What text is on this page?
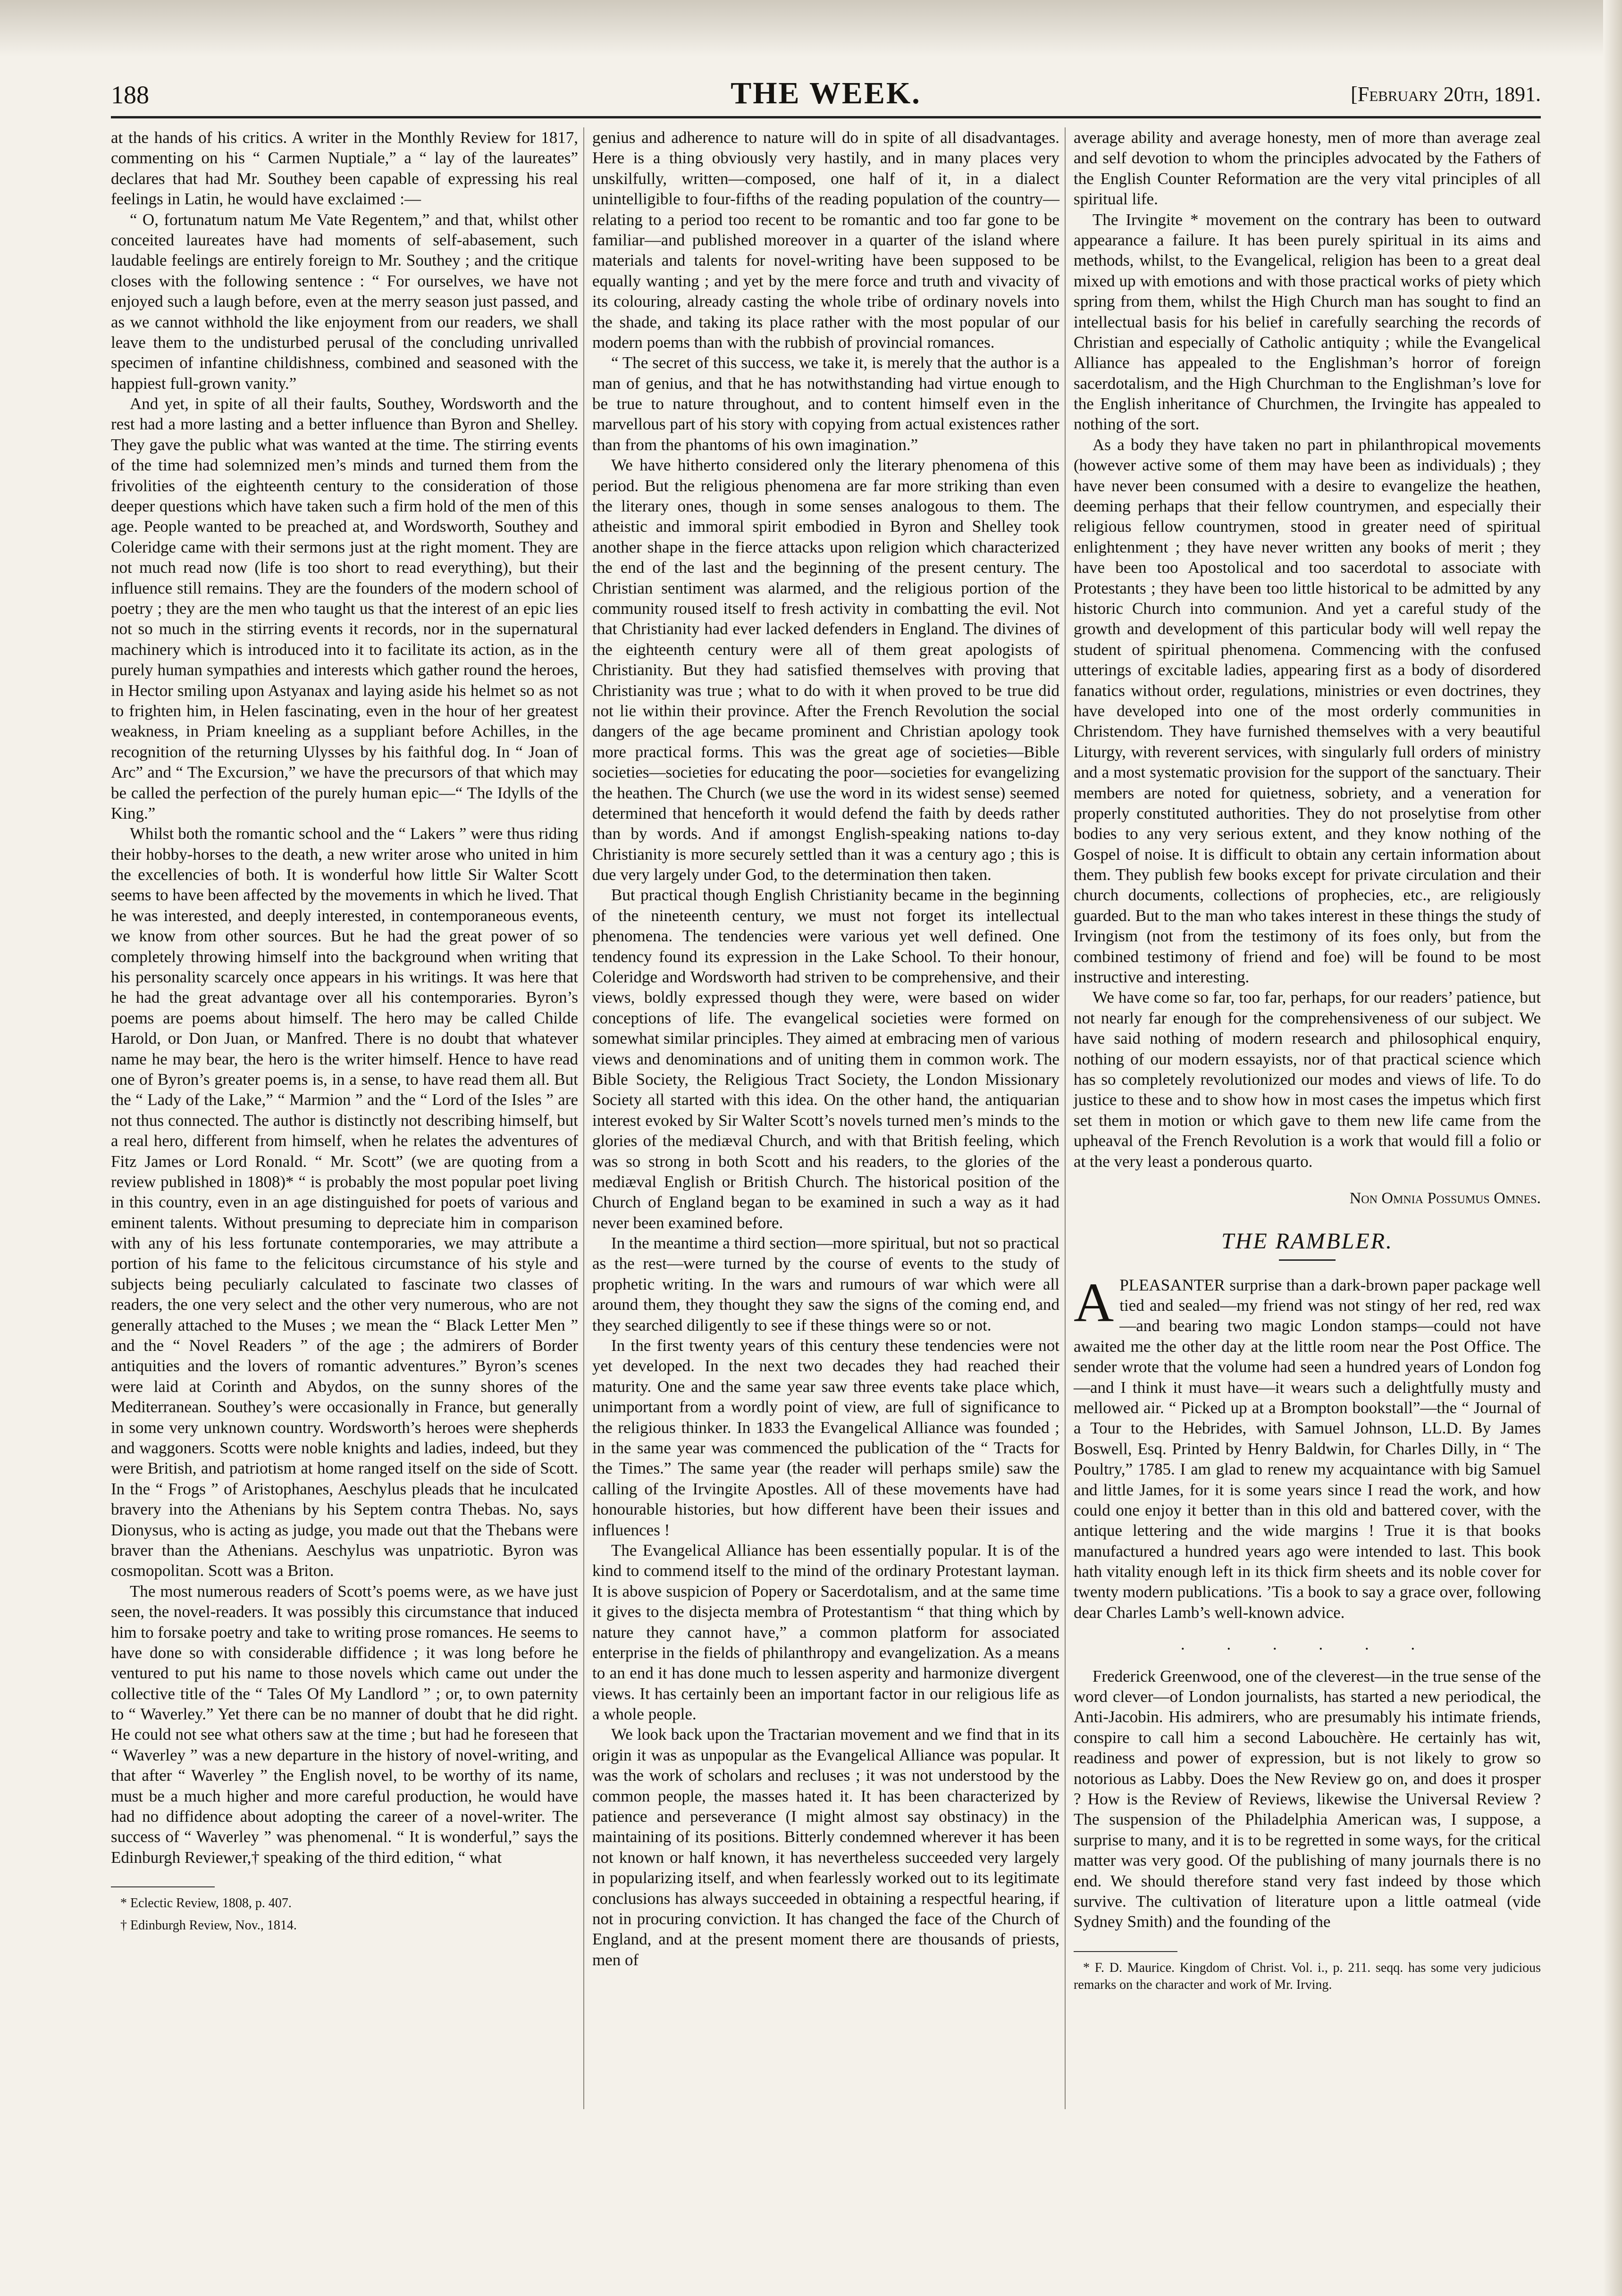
188	THE WEEK.	[February 20th, 1891.

at the hands of his critics. A writer in the Monthly Review for 1817, commenting on his “ Carmen Nuptiale,” a “ lay of the laureates” declares that had Mr. Southey been capable of expressing his real feelings in Latin, he would have exclaimed :—

“ O, fortunatum natum Me Vate Regentem,” and that, whilst other conceited laureates have had moments of self-abasement, such laudable feelings are entirely foreign to Mr. Southey ; and the critique closes with the following sentence : “ For ourselves, we have not enjoyed such a laugh before, even at the merry season just passed, and as we cannot withhold the like enjoyment from our readers, we shall leave them to the undisturbed perusal of the concluding unrivalled specimen of infantine childishness, combined and seasoned with the happiest full-grown vanity.”

And yet, in spite of all their faults, Southey, Wordsworth and the rest had a more lasting and a better influence than Byron and Shelley. They gave the public what was wanted at the time. The stirring events of the time had solemnized men’s minds and turned them from the frivolities of the eighteenth century to the consideration of those deeper questions which have taken such a firm hold of the men of this age. People wanted to be preached at, and Wordsworth, Southey and Coleridge came with their sermons just at the right moment. They are not much read now (life is too short to read everything), but their influence still remains. They are the founders of the modern school of poetry ; they are the men who taught us that the interest of an epic lies not so much in the stirring events it records, nor in the supernatural machinery which is introduced into it to facilitate its action, as in the purely human sympathies and interests which gather round the heroes, in Hector smiling upon Astyanax and laying aside his helmet so as not to frighten him, in Helen fascinating, even in the hour of her greatest weakness, in Priam kneeling as a suppliant before Achilles, in the recognition of the returning Ulysses by his faithful dog. In “ Joan of Arc” and “ The Excursion,” we have the precursors of that which may be called the perfection of the purely human epic—“ The Idylls of the King.”

Whilst both the romantic school and the “ Lakers ” were thus riding their hobby-horses to the death, a new writer arose who united in him the excellencies of both. It is wonderful how little Sir Walter Scott seems to have been affected by the movements in which he lived. That he was interested, and deeply interested, in contemporaneous events, we know from other sources. But he had the great power of so completely throwing himself into the background when writing that his personality scarcely once appears in his writings. It was here that he had the great advantage over all his contemporaries. Byron’s poems are poems about himself. The hero may be called Childe Harold, or Don Juan, or Manfred. There is no doubt that whatever name he may bear, the hero is the writer himself. Hence to have read one of Byron’s greater poems is, in a sense, to have read them all. But the “ Lady of the Lake,” “ Marmion ” and the “ Lord of the Isles ” are not thus connected. The author is distinctly not describing himself, but a real hero, different from himself, when he relates the adventures of Fitz James or Lord Ronald. “ Mr. Scott” (we are quoting from a review published in 1808)* “ is probably the most popular poet living in this country, even in an age distinguished for poets of various and eminent talents. Without presuming to depreciate him in comparison with any of his less fortunate contemporaries, we may attribute a portion of his fame to the felicitous circumstance of his style and subjects being peculiarly calculated to fascinate two classes of readers, the one very select and the other very numerous, who are not generally attached to the Muses ; we mean the “ Black Letter Men ” and the “ Novel Readers ” of the age ; the admirers of Border antiquities and the lovers of romantic adventures.” Byron’s scenes were laid at Corinth and Abydos, on the sunny shores of the Mediterranean. Southey’s were occasionally in France, but generally in some very unknown country. Wordsworth’s heroes were shepherds and waggoners. Scotts were noble knights and ladies, indeed, but they were British, and patriotism at home ranged itself on the side of Scott. In the “ Frogs ” of Aristophanes, Aeschylus pleads that he inculcated bravery into the Athenians by his Septem contra Thebas. No, says Dionysus, who is acting as judge, you made out that the Thebans were braver than the Athenians. Aeschylus was unpatriotic. Byron was cosmopolitan. Scott was a Briton.

The most numerous readers of Scott’s poems were, as we have just seen, the novel-readers. It was possibly this circumstance that induced him to forsake poetry and take to writing prose romances. He seems to have done so with considerable diffidence ; it was long before he ventured to put his name to those novels which came out under the collective title of the “ Tales Of My Landlord ” ; or, to own paternity to “ Waverley.” Yet there can be no manner of doubt that he did right. He could not see what others saw at the time ; but had he foreseen that “ Waverley ” was a new departure in the history of novel-writing, and that after “ Waverley ” the English novel, to be worthy of its name, must be a much higher and more careful production, he would have had no diffidence about adopting the career of a novel-writer. The success of “ Waverley ” was phenomenal. “ It is wonderful,” says the Edinburgh Reviewer,† speaking of the third edition, “ what

* Eclectic Review, 1808, p. 407.

† Edinburgh Review, Nov., 1814.

genius and adherence to nature will do in spite of all disadvantages. Here is a thing obviously very hastily, and in many places very unskilfully, written—composed, one half of it, in a dialect unintelligible to four-fifths of the reading population of the country—relating to a period too recent to be romantic and too far gone to be familiar—and published moreover in a quarter of the island where materials and talents for novel-writing have been supposed to be equally wanting ; and yet by the mere force and truth and vivacity of its colouring, already casting the whole tribe of ordinary novels into the shade, and taking its place rather with the most popular of our modern poems than with the rubbish of provincial romances.

“ The secret of this success, we take it, is merely that the author is a man of genius, and that he has notwithstanding had virtue enough to be true to nature throughout, and to content himself even in the marvellous part of his story with copying from actual existences rather than from the phantoms of his own imagination.”

We have hitherto considered only the literary phenomena of this period. But the religious phenomena are far more striking than even the literary ones, though in some senses analogous to them. The atheistic and immoral spirit embodied in Byron and Shelley took another shape in the fierce attacks upon religion which characterized the end of the last and the beginning of the present century. The Christian sentiment was alarmed, and the religious portion of the community roused itself to fresh activity in combatting the evil. Not that Christianity had ever lacked defenders in England. The divines of the eighteenth century were all of them great apologists of Christianity. But they had satisfied themselves with proving that Christianity was true ; what to do with it when proved to be true did not lie within their province. After the French Revolution the social dangers of the age became prominent and Christian apology took more practical forms. This was the great age of societies—Bible societies—societies for educating the poor—societies for evangelizing the heathen. The Church (we use the word in its widest sense) seemed determined that henceforth it would defend the faith by deeds rather than by words. And if amongst English-speaking nations to-day Christianity is more securely settled than it was a century ago ; this is due very largely under God, to the determination then taken.

But practical though English Christianity became in the beginning of the nineteenth century, we must not forget its intellectual phenomena. The tendencies were various yet well defined. One tendency found its expression in the Lake School. To their honour, Coleridge and Wordsworth had striven to be comprehensive, and their views, boldly expressed though they were, were based on wider conceptions of life. The evangelical societies were formed on somewhat similar principles. They aimed at embracing men of various views and denominations and of uniting them in common work. The Bible Society, the Religious Tract Society, the London Missionary Society all started with this idea. On the other hand, the antiquarian interest evoked by Sir Walter Scott’s novels turned men’s minds to the glories of the mediæval Church, and with that British feeling, which was so strong in both Scott and his readers, to the glories of the mediæval English or British Church. The historical position of the Church of England began to be examined in such a way as it had never been examined before.

In the meantime a third section—more spiritual, but not so practical as the rest—were turned by the course of events to the study of prophetic writing. In the wars and rumours of war which were all around them, they thought they saw the signs of the coming end, and they searched diligently to see if these things were so or not.

In the first twenty years of this century these tendencies were not yet developed. In the next two decades they had reached their maturity. One and the same year saw three events take place which, unimportant from a wordly point of view, are full of significance to the religious thinker. In 1833 the Evangelical Alliance was founded ; in the same year was commenced the publication of the “ Tracts for the Times.” The same year (the reader will perhaps smile) saw the calling of the Irvingite Apostles. All of these movements have had honourable histories, but how different have been their issues and influences !

The Evangelical Alliance has been essentially popular. It is of the kind to commend itself to the mind of the ordinary Protestant layman. It is above suspicion of Popery or Sacerdotalism, and at the same time it gives to the disjecta membra of Protestantism “ that thing which by nature they cannot have,” a common platform for associated enterprise in the fields of philanthropy and evangelization. As a means to an end it has done much to lessen asperity and harmonize divergent views. It has certainly been an important factor in our religious life as a whole people.

We look back upon the Tractarian movement and we find that in its origin it was as unpopular as the Evangelical Alliance was popular. It was the work of scholars and recluses ; it was not understood by the common people, the masses hated it. It has been characterized by patience and perseverance (I might almost say obstinacy) in the maintaining of its positions. Bitterly condemned wherever it has been not known or half known, it has nevertheless succeeded very largely in popularizing itself, and when fearlessly worked out to its legitimate conclusions has always succeeded in obtaining a respectful hearing, if not in procuring conviction. It has changed the face of the Church of England, and at the present moment there are thousands of priests, men of

average ability and average honesty, men of more than average zeal and self devotion to whom the principles advocated by the Fathers of the English Counter Reformation are the very vital principles of all spiritual life.

The Irvingite * movement on the contrary has been to outward appearance a failure. It has been purely spiritual in its aims and methods, whilst, to the Evangelical, religion has been to a great deal mixed up with emotions and with those practical works of piety which spring from them, whilst the High Church man has sought to find an intellectual basis for his belief in carefully searching the records of Christian and especially of Catholic antiquity ; while the Evangelical Alliance has appealed to the Englishman’s horror of foreign sacerdotalism, and the High Churchman to the Englishman’s love for the English inheritance of Churchmen, the Irvingite has appealed to nothing of the sort.

As a body they have taken no part in philanthropical movements (however active some of them may have been as individuals) ; they have never been consumed with a desire to evangelize the heathen, deeming perhaps that their fellow countrymen, and especially their religious fellow countrymen, stood in greater need of spiritual enlightenment ; they have never written any books of merit ; they have been too Apostolical and too sacerdotal to associate with Protestants ; they have been too little historical to be admitted by any historic Church into communion. And yet a careful study of the growth and development of this particular body will well repay the student of spiritual phenomena. Commencing with the confused utterings of excitable ladies, appearing first as a body of disordered fanatics without order, regulations, ministries or even doctrines, they have developed into one of the most orderly communities in Christendom. They have furnished themselves with a very beautiful Liturgy, with reverent services, with singularly full orders of ministry and a most systematic provision for the support of the sanctuary. Their members are noted for quietness, sobriety, and a veneration for properly constituted authorities. They do not proselytise from other bodies to any very serious extent, and they know nothing of the Gospel of noise. It is difficult to obtain any certain information about them. They publish few books except for private circulation and their church documents, collections of prophecies, etc., are religiously guarded. But to the man who takes interest in these things the study of Irvingism (not from the testimony of its foes only, but from the combined testimony of friend and foe) will be found to be most instructive and interesting.

We have come so far, too far, perhaps, for our readers’ patience, but not nearly far enough for the comprehensiveness of our subject. We have said nothing of modern research and philosophical enquiry, nothing of our modern essayists, nor of that practical science which has so completely revolutionized our modes and views of life. To do justice to these and to show how in most cases the impetus which first set them in motion or which gave to them new life came from the upheaval of the French Revolution is a work that would fill a folio or at the very least a ponderous quarto.

Non Omnia Possumus Omnes.
THE RAMBLER.

APLEASANTER surprise than a dark-brown paper package well tied and sealed—my friend was not stingy of her red, red wax—and bearing two magic London stamps—could not have awaited me the other day at the little room near the Post Office. The sender wrote that the volume had seen a hundred years of London fog—and I think it must have—it wears such a delightfully musty and mellowed air. “ Picked up at a Brompton bookstall”—the “ Journal of a Tour to the Hebrides, with Samuel Johnson, LL.D. By James Boswell, Esq. Printed by Henry Baldwin, for Charles Dilly, in “ The Poultry,” 1785. I am glad to renew my acquaintance with big Samuel and little James, for it is some years since I read the work, and how could one enjoy it better than in this old and battered cover, with the antique lettering and the wide margins ! True it is that books manufactured a hundred years ago were intended to last. This book hath vitality enough left in its thick firm sheets and its noble cover for twenty modern publications. ’Tis a book to say a grace over, following dear Charles Lamb’s well-known advice.

. . . . . .

Frederick Greenwood, one of the cleverest—in the true sense of the word clever—of London journalists, has started a new periodical, the Anti-Jacobin. His admirers, who are presumably his intimate friends, conspire to call him a second Labouchère. He certainly has wit, readiness and power of expression, but is not likely to grow so notorious as Labby. Does the New Review go on, and does it prosper ? How is the Review of Reviews, likewise the Universal Review ? The suspension of the Philadelphia American was, I suppose, a surprise to many, and it is to be regretted in some ways, for the critical matter was very good. Of the publishing of many journals there is no end. We should therefore stand very fast indeed by those which survive. The cultivation of literature upon a little oatmeal (vide Sydney Smith) and the founding of the

* F. D. Maurice. Kingdom of Christ. Vol. i., p. 211. seqq. has some very judicious remarks on the character and work of Mr. Irving.
